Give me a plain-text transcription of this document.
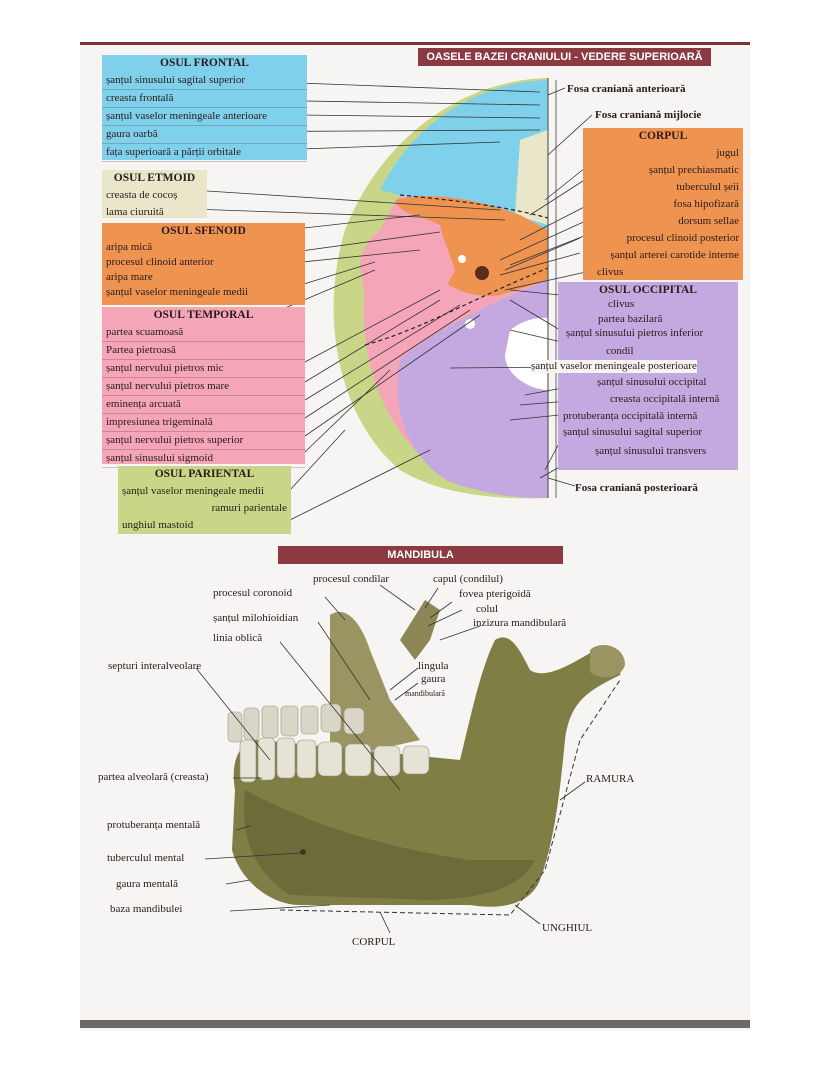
OASELE BAZEI CRANIULUI - VEDERE SUPERIOARĂ
Fosa craniană anterioară
Fosa craniană mijlocie
Fosa craniană posterioară
OSUL FRONTAL
șanțul sinusului sagital superior
creasta frontală
șanțul vaselor meningeale anterioare
gaura oarbă
fața superioară a părții orbitale
OSUL ETMOID
creasta de cocoș
lama ciuruită
OSUL SFENOID
aripa mică
procesul clinoid anterior
aripa mare
șanțul vaselor meningeale medii
OSUL TEMPORAL
partea scuamoasă
Partea pietroasă
șanțul nervului pietros mic
șanțul nervului pietros mare
eminența arcuată
impresiunea trigeminală
șanțul nervului pietros superior
șanțul sinusului sigmoid
OSUL PARIENTAL
șanțul vaselor meningeale medii
ramuri parientale
unghiul mastoid
CORPUL
jugul
șanțul prechiasmatic
tuberculul șeii
fosa hipofizară
dorsum sellae
procesul clinoid posterior
șanțul arterei carotide interne
clivus
OSUL OCCIPITAL
clivus
partea bazilară
șanțul sinusului pietros inferior
condil
șanțul vaselor meningeale posterioare
șanțul sinusului occipital
creasta occipitală internă
protuberanța occipitală internă
șanțul sinusului sagital superior
șanțul sinusului transvers
MANDIBULA
procesul condilar	capul (condilul)
procesul coronoid	fovea pterigoidă
colul
șanțul milohioidian	inzizura mandibulară
linia oblică
septuri interalveolare	lingula
gaura
mandibulară
partea alveolară (creasta)	RAMURA
protuberanța mentală
tuberculul mental
gaura mentală
baza mandibulei
UNGHIUL
CORPUL
